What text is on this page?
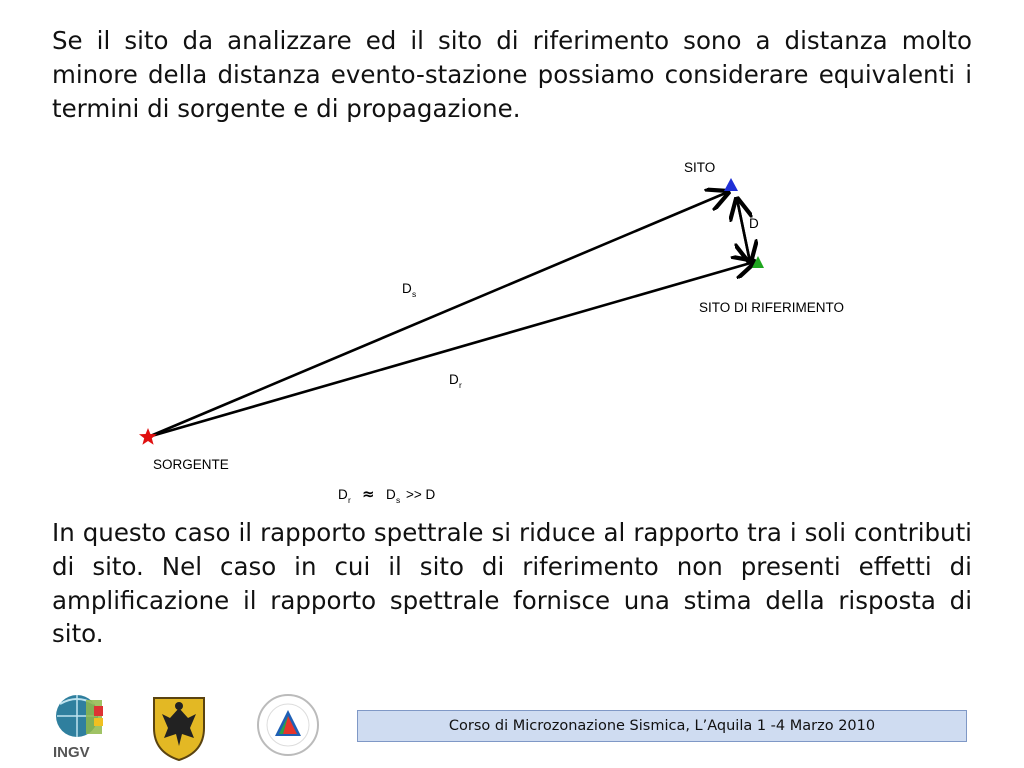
Se il sito da analizzare ed il sito di riferimento sono a distanza molto minore della distanza evento-stazione possiamo considerare equivalenti i termini di sorgente e di propagazione.

SITO
D
SITO DI RIFERIMENTO
D s
D r
SORGENTE
D r ≈ D s >> D

In questo caso il rapporto spettrale si riduce al rapporto tra i soli contributi di sito. Nel caso in cui il sito di riferimento non presenti effetti di amplificazione il rapporto spettrale fornisce una stima della risposta di sito.

INGV
Corso di Microzonazione Sismica, L’Aquila 1 -4 Marzo 2010
